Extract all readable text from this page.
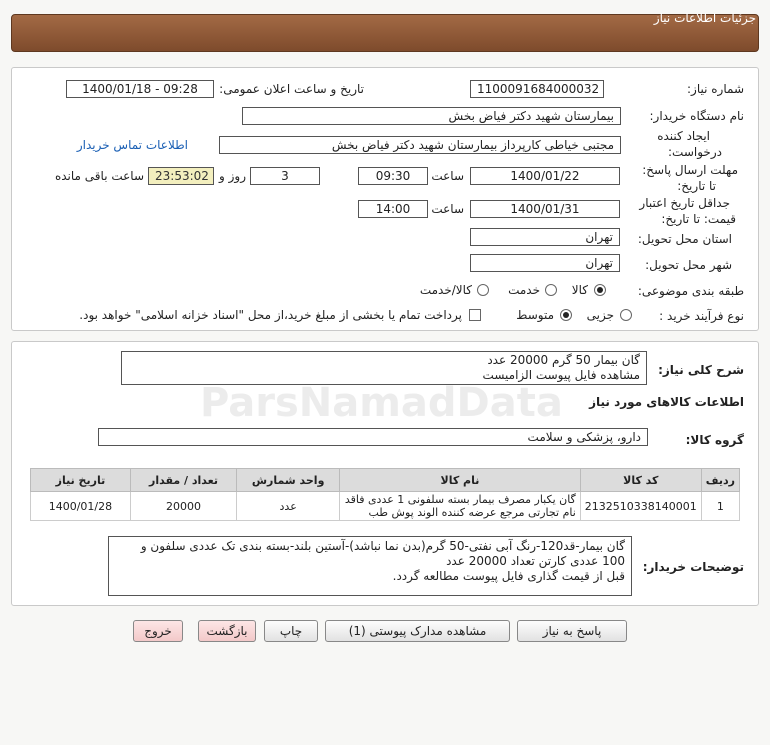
جزئیات اطلاعات نیاز
شماره نیاز:
1100091684000032
تاریخ و ساعت اعلان عمومی:
1400/01/18 - 09:28
نام دستگاه خریدار:
بیمارستان شهید دکتر فیاض بخش
ایجاد کننده
درخواست:
مجتبی خیاطی کارپرداز بیمارستان شهید دکتر فیاض بخش
اطلاعات تماس خریدار
مهلت ارسال پاسخ:
تا تاریخ:
1400/01/22
ساعت
09:30
3
روز و
23:53:02
ساعت باقی مانده
جداقل تاریخ اعتبار
قیمت: تا تاریخ:
1400/01/31
ساعت
14:00
استان محل تحویل:
تهران
شهر محل تحویل:
تهران
طبقه بندی موضوعی:
کالا
خدمت
کالا/خدمت
نوع فرآیند خرید :
جزیی
متوسط
پرداخت تمام یا بخشی از مبلغ خرید،از محل "اسناد خزانه اسلامی" خواهد بود.
شرح کلی نیاز:
گان بیمار 50 گرم 20000 عدد
مشاهده فایل پیوست الزامیست
اطلاعات کالاهای مورد نیاز
گروه کالا:
دارو، پزشکی و سلامت
ردیف	کد کالا	نام کالا	واحد شمارش	تعداد / مقدار	تاریخ نیاز
1	2132510338140001	گان یکبار مصرف بیمار بسته سلفونی 1 عددی فاقد نام تجارتی مرجع عرضه کننده الوند پوش طب	عدد	20000	1400/01/28
توضیحات خریدار:
گان بیمار-قد120-رنگ آبی نفتی-50 گرم(بدن نما نباشد)-آستین بلند-بسته بندی تک عددی سلفون و
100 عددی کارتن تعداد 20000 عدد
قبل از قیمت گذاری فایل پیوست مطالعه گردد.
پاسخ به نیاز
مشاهده مدارک پیوستی (1)
چاپ
بازگشت
خروج
